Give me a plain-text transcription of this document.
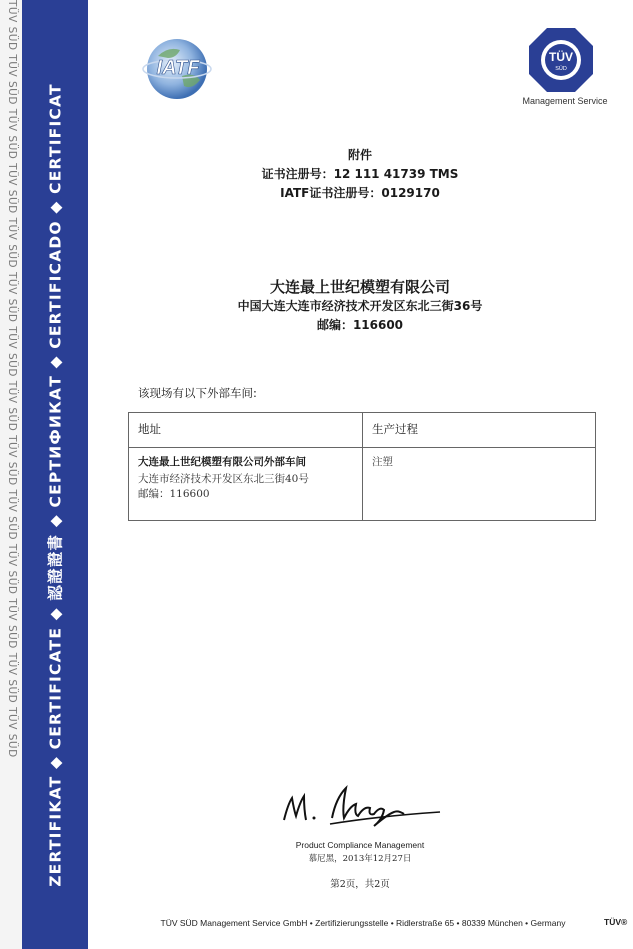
TÜV SÜD TÜV SÜD TÜV SÜD TÜV SÜD TÜV SÜD TÜV SÜD TÜV SÜD TÜV SÜD TÜV SÜD TÜV SÜD TÜV SÜD TÜV SÜD TÜV SÜD TÜV SÜD ZERTIFIKAT ◆ CERTIFICATE ◆ 認證證書 ◆ СЕРТИФИКАТ ◆ CERTIFICADO ◆ CERTIFICAT
IATF	TÜV
SÜD
Management Service
附件
证书注册号：12 111 41739 TMS
IATF证书注册号：0129170
大连最上世纪模塑有限公司
中国大连大连市经济技术开发区东北三街36号
邮编：116600
该现场有以下外部车间:
地址	生产过程

大连最上世纪模塑有限公司外部车间
大连市经济技术开发区东北三街40号
邮编：116600	注塑
Product Compliance Management
慕尼黑，2013年12月27日
第2页，共2页
TÜV SÜD Management Service GmbH • Zertifizierungsstelle • Ridlerstraße 65 • 80339 München • Germany	TÜV®
